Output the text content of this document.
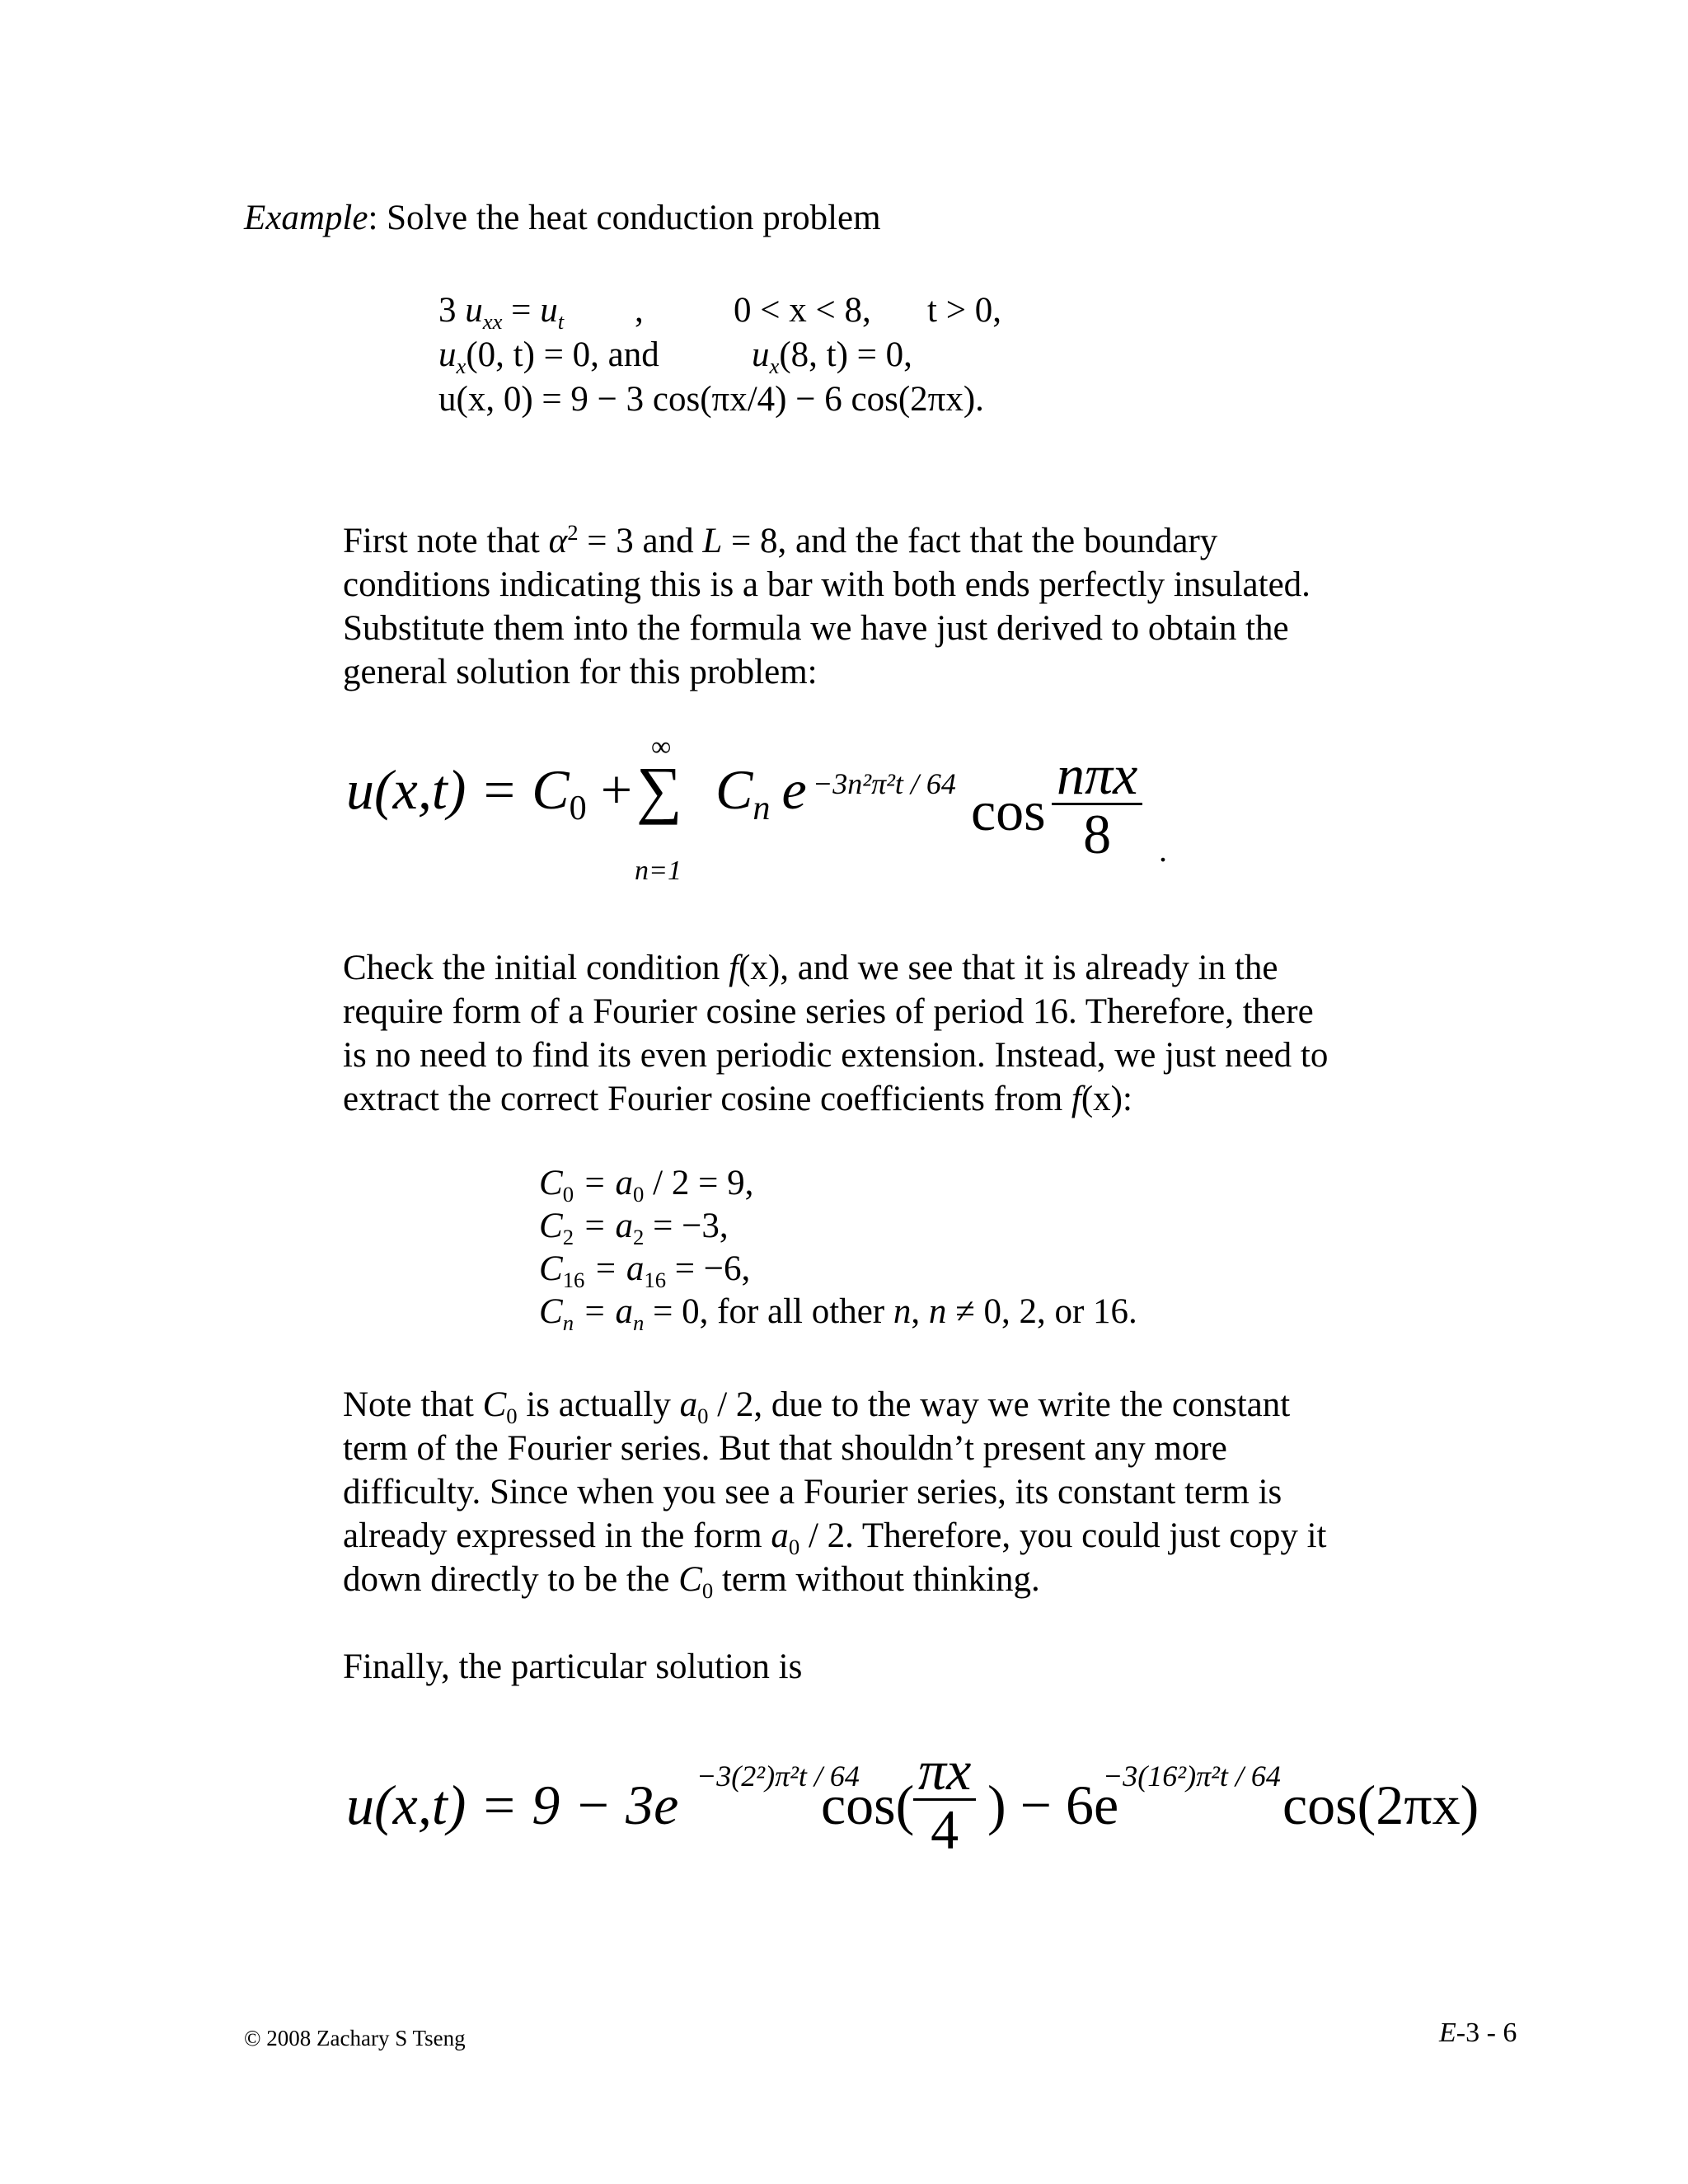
Example: Solve the heat conduction problem
3 $u_{xx} = u_t$ ,	0 < x < 8, t > 0,
$u_x(0$, t) = 0, and	$u_x(8$, t) = 0,
u(x, 0) = 9 − 3 cos(πx/4) − 6 cos(2πx).

First note that $\alpha^2 = 3$ and L = 8, and the fact that the boundary

conditions indicating this is a bar with both ends perfectly insulated.

Substitute them into the formula we have just derived to obtain the

general solution for this problem:

$u(x,t) = C_0$ +
∞
∑
n=1
$C_n$ e −3n²π²t / 64 $\cos \frac{\text{nπx}}{8}$ .

Check the initial condition f(x), and we see that it is already in the

require form of a Fourier cosine series of period 16. Therefore, there

is no need to find its even periodic extension. Instead, we just need to

extract the correct Fourier cosine coefficients from f(x):

$C_0 = a_0 / 2 = 9$,
$C_2 = a_2 = -3$,
$C_{16} = a_{16} = -6$,
$C_n = a_n = 0$, for all other n, n ≠ 0, 2, or 16.

Note that $C_0$ is actually $a_0 / 2$, due to the way we write the constant

term of the Fourier series. But that shouldn’t present any more

difficulty. Since when you see a Fourier series, its constant term is

already expressed in the form $a_0 / 2$. Therefore, you could just copy it

down directly to be the $C_0$ term without thinking.

Finally, the particular solution is

u(x,t) = 9 − 3e −3(2²)π²t / 64
cos(
$\frac{\pi x}{4}$ ) − 6e
−3(16²)π²t / 64 cos(2πx)
© 2008 Zachary S Tseng	E-3 - 6
